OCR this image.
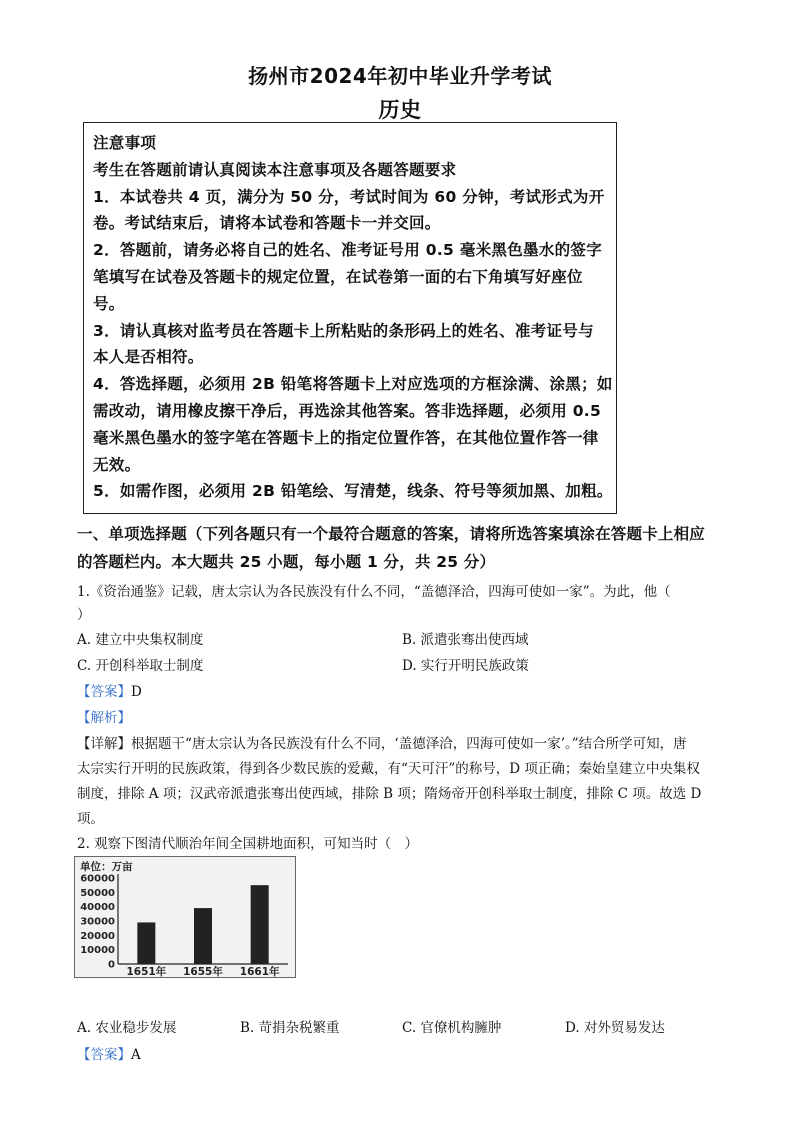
扬州市2024年初中毕业升学考试
历史
注意事项
考生在答题前请认真阅读本注意事项及各题答题要求
1．本试卷共 4 页，满分为 50 分，考试时间为 60 分钟，考试形式为开
卷。考试结束后，请将本试卷和答题卡一并交回。
2．答题前，请务必将自己的姓名、准考证号用 0.5 毫米黑色墨水的签字
笔填写在试卷及答题卡的规定位置，在试卷第一面的右下角填写好座位
号。
3．请认真核对监考员在答题卡上所粘贴的条形码上的姓名、准考证号与
本人是否相符。
4．答选择题，必须用 2B 铅笔将答题卡上对应选项的方框涂满、涂黑；如
需改动，请用橡皮擦干净后，再选涂其他答案。答非选择题，必须用 0.5
毫米黑色墨水的签字笔在答题卡上的指定位置作答，在其他位置作答一律
无效。
5．如需作图，必须用 2B 铅笔绘、写清楚，线条、符号等须加黑、加粗。
一、单项选择题（下列各题只有一个最符合题意的答案，请将所选答案填涂在答题卡上相应
的答题栏内。本大题共 25 小题，每小题 1 分，共 25 分）
1.《资治通鉴》记载，唐太宗认为各民族没有什么不同，“盖德泽洽，四海可使如一家”。为此，他（
）
A. 建立中央集权制度	B. 派遣张骞出使西域
C. 开创科举取士制度	D. 实行开明民族政策
【答案】D
【解析】
【详解】根据题干“唐太宗认为各民族没有什么不同，‘盖德泽洽，四海可使如一家’。”结合所学可知，唐
太宗实行开明的民族政策，得到各少数民族的爱戴，有“天可汗”的称号，D 项正确；秦始皇建立中央集权
制度，排除 A 项；汉武帝派遣张骞出使西域，排除 B 项；隋炀帝开创科举取士制度，排除 C 项。故选 D
项。
2. 观察下图清代顺治年间全国耕地面积，可知当时（　）
单位：万亩
60000
50000
40000
30000
20000
10000
0
1651年 1655年 1661年
A. 农业稳步发展	B. 苛捐杂税繁重	C. 官僚机构臃肿	D. 对外贸易发达
【答案】A
